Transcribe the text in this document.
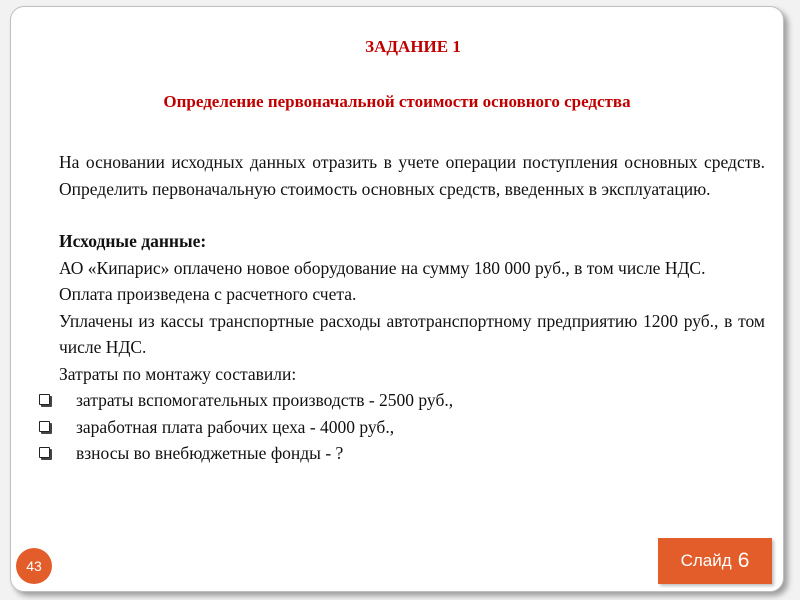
ЗАДАНИЕ 1
Определение первоначальной стоимости основного средства

На основании исходных данных отразить в учете операции поступления основных средств. Определить первоначальную стоимость основных средств, введенных в эксплуатацию.

Исходные данные:

АО «Кипарис» оплачено новое оборудование на сумму 180 000 руб., в том числе НДС.

Оплата произведена с расчетного счета.

Уплачены из кассы транспортные расходы автотранспортному предприятию 1200 руб., в том числе НДС.

Затраты по монтажу составили:

затраты вспомогательных производств - 2500 руб.,
заработная плата рабочих цеха - 4000 руб.,
взносы во внебюджетные фонды - ?
43	Слайд 6
